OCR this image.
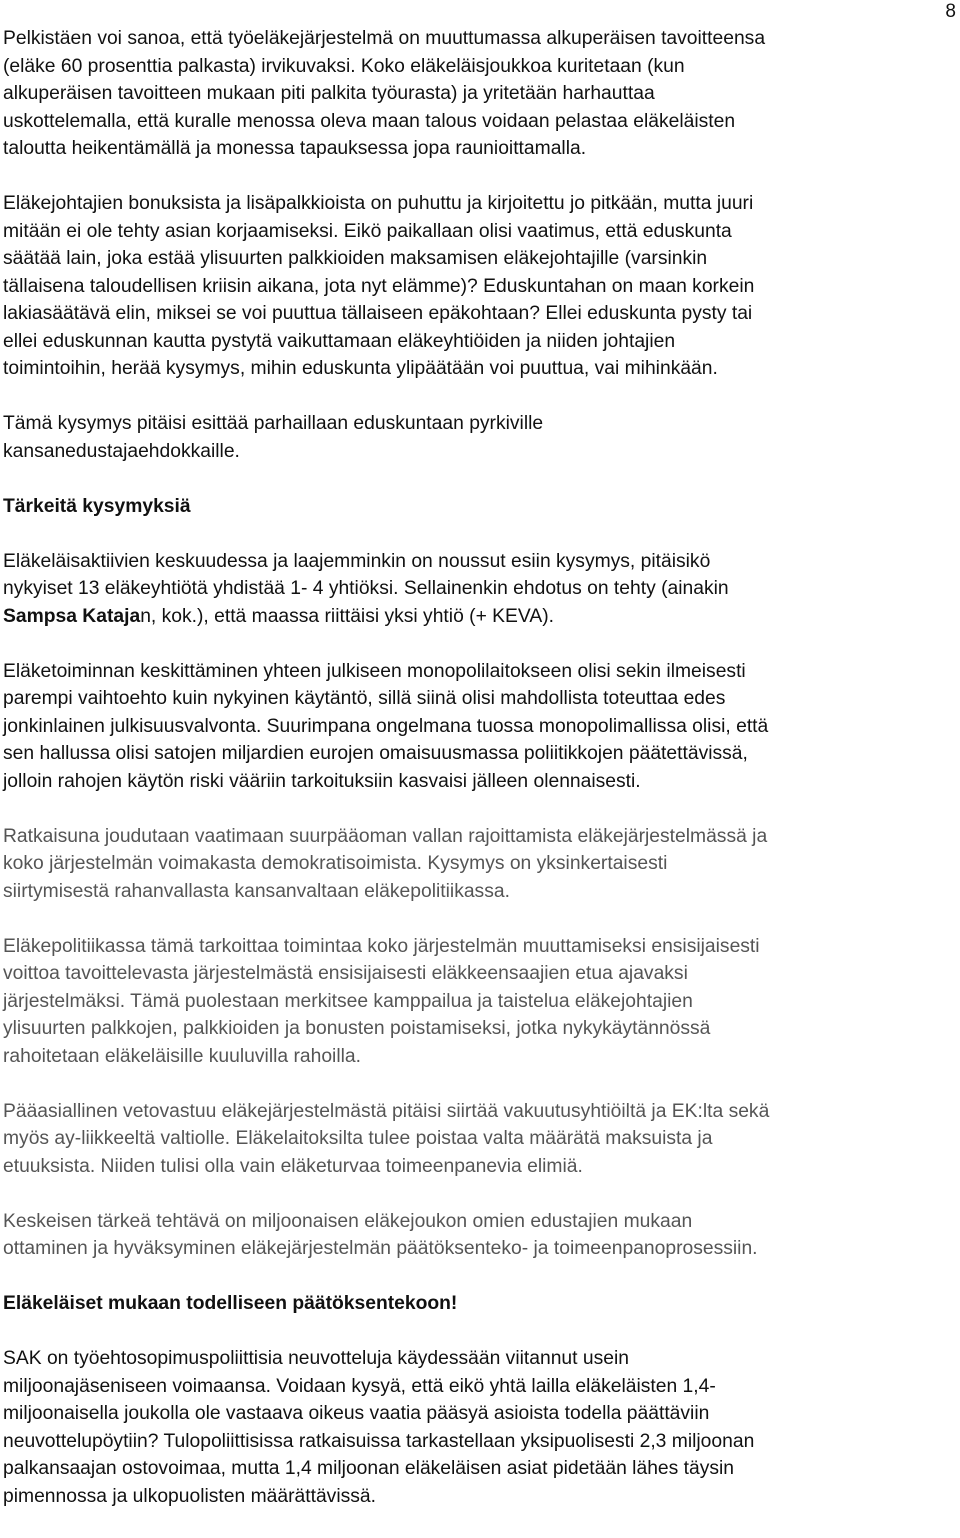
8
Pelkistäen voi sanoa, että työeläkejärjestelmä on muuttumassa alkuperäisen tavoitteensa
(eläke 60 prosenttia palkasta) irvikuvaksi. Koko eläkeläisjoukkoa kuritetaan (kun
alkuperäisen tavoitteen mukaan piti palkita työurasta) ja yritetään harhauttaa
uskottelemalla, että kuralle menossa oleva maan talous voidaan pelastaa eläkeläisten
taloutta heikentämällä ja monessa tapauksessa jopa raunioittamalla.
Eläkejohtajien bonuksista ja lisäpalkkioista on puhuttu ja kirjoitettu jo pitkään, mutta juuri
mitään ei ole tehty asian korjaamiseksi. Eikö paikallaan olisi vaatimus, että eduskunta
säätää lain, joka estää ylisuurten palkkioiden maksamisen eläkejohtajille (varsinkin
tällaisena taloudellisen kriisin aikana, jota nyt elämme)? Eduskuntahan on maan korkein
lakiasäätävä elin, miksei se voi puuttua tällaiseen epäkohtaan? Ellei eduskunta pysty tai
ellei eduskunnan kautta pystytä vaikuttamaan eläkeyhtiöiden ja niiden johtajien
toimintoihin, herää kysymys, mihin eduskunta ylipäätään voi puuttua, vai mihinkään.
Tämä kysymys pitäisi esittää parhaillaan eduskuntaan pyrkiville
kansanedustajaehdokkaille.
Tärkeitä kysymyksiä
Eläkeläisaktiivien keskuudessa ja laajemminkin on noussut esiin kysymys, pitäisikö
nykyiset 13 eläkeyhtiötä yhdistää 1- 4 yhtiöksi. Sellainenkin ehdotus on tehty (ainakin
Sampsa Katajan, kok.), että maassa riittäisi yksi yhtiö (+ KEVA).
Eläketoiminnan keskittäminen yhteen julkiseen monopolilaitokseen olisi sekin ilmeisesti
parempi vaihtoehto kuin nykyinen käytäntö, sillä siinä olisi mahdollista toteuttaa edes
jonkinlainen julkisuusvalvonta. Suurimpana ongelmana tuossa monopolimallissa olisi, että
sen hallussa olisi satojen miljardien eurojen omaisuusmassa poliitikkojen päätettävissä,
jolloin rahojen käytön riski vääriin tarkoituksiin kasvaisi jälleen olennaisesti.
Ratkaisuna joudutaan vaatimaan suurpääoman vallan rajoittamista eläkejärjestelmässä ja
koko järjestelmän voimakasta demokratisoimista. Kysymys on yksinkertaisesti
siirtymisestä rahanvallasta kansanvaltaan eläkepolitiikassa.
Eläkepolitiikassa tämä tarkoittaa toimintaa koko järjestelmän muuttamiseksi ensisijaisesti
voittoa tavoittelevasta järjestelmästä ensisijaisesti eläkkeensaajien etua ajavaksi
järjestelmäksi. Tämä puolestaan merkitsee kamppailua ja taistelua eläkejohtajien
ylisuurten palkkojen, palkkioiden ja bonusten poistamiseksi, jotka nykykäytännössä
rahoitetaan eläkeläisille kuuluvilla rahoilla.
Pääasiallinen vetovastuu eläkejärjestelmästä pitäisi siirtää vakuutusyhtiöiltä ja EK:lta sekä
myös ay-liikkeeltä valtiolle. Eläkelaitoksilta tulee poistaa valta määrätä maksuista ja
etuuksista. Niiden tulisi olla vain eläketurvaa toimeenpanevia elimiä.
Keskeisen tärkeä tehtävä on miljoonaisen eläkejoukon omien edustajien mukaan
ottaminen ja hyväksyminen eläkejärjestelmän päätöksenteko- ja toimeenpanoprosessiin.
Eläkeläiset mukaan todelliseen päätöksentekoon!
SAK on työehtosopimuspoliittisia neuvotteluja käydessään viitannut usein
miljoonajäseniseen voimaansa. Voidaan kysyä, että eikö yhtä lailla eläkeläisten 1,4-
miljoonaisella joukolla ole vastaava oikeus vaatia pääsyä asioista todella päättäviin
neuvottelupöytiin? Tulopoliittisissa ratkaisuissa tarkastellaan yksipuolisesti 2,3 miljoonan
palkansaajan ostovoimaa, mutta 1,4 miljoonan eläkeläisen asiat pidetään lähes täysin
pimennossa ja ulkopuolisten määrättävissä.
